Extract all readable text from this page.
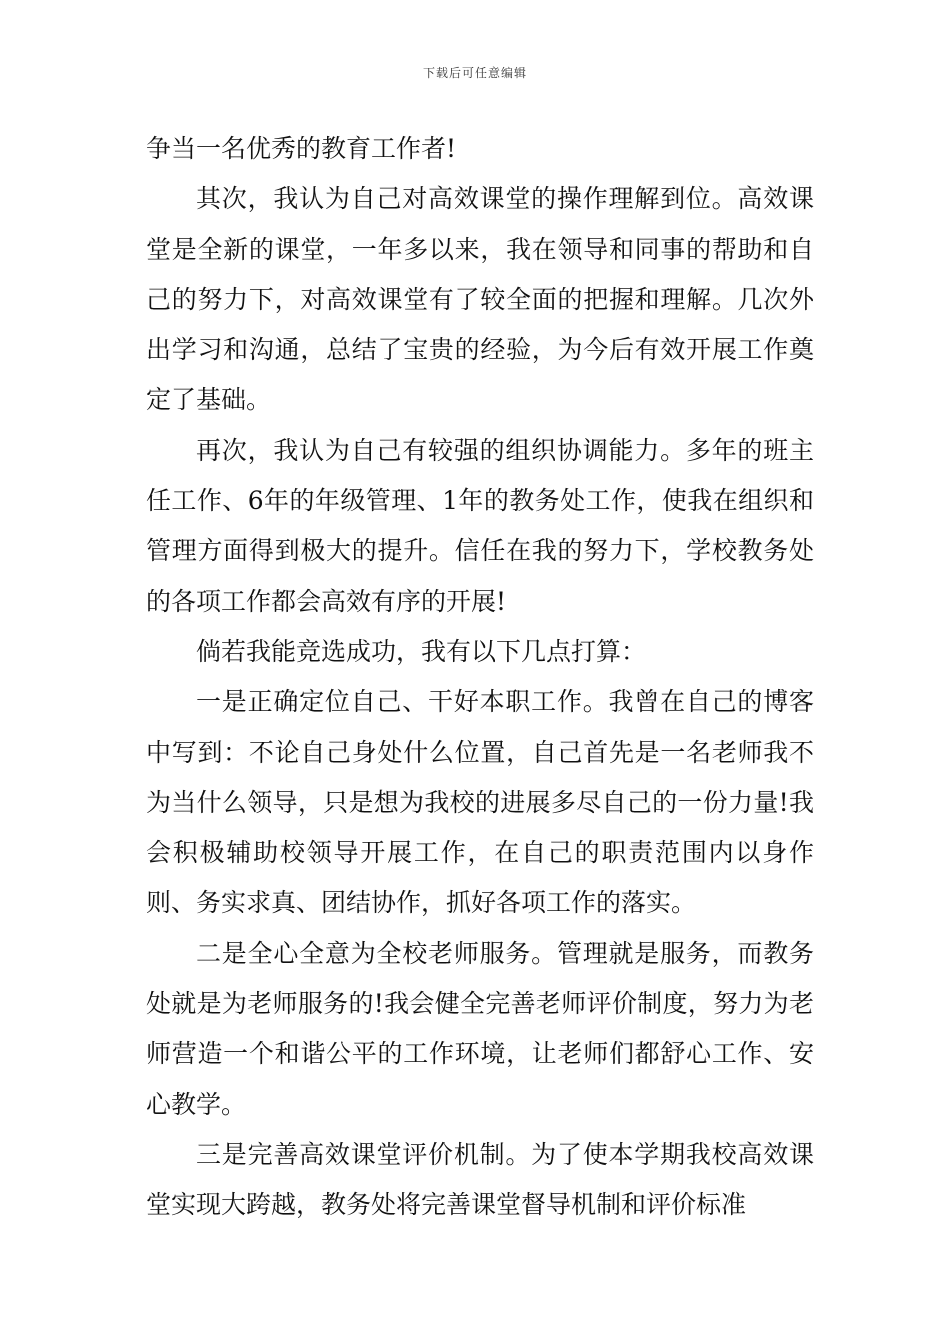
下载后可任意编辑

争当一名优秀的教育工作者!

其次，我认为自己对高效课堂的操作理解到位。高效课堂是全新的课堂，一年多以来，我在领导和同事的帮助和自己的努力下，对高效课堂有了较全面的把握和理解。几次外出学习和沟通，总结了宝贵的经验，为今后有效开展工作奠定了基础。

再次，我认为自己有较强的组织协调能力。多年的班主任工作、6年的年级管理、1年的教务处工作，使我在组织和管理方面得到极大的提升。信任在我的努力下，学校教务处的各项工作都会高效有序的开展!

倘若我能竞选成功，我有以下几点打算：

一是正确定位自己、干好本职工作。我曾在自己的博客中写到：不论自己身处什么位置，自己首先是一名老师我不为当什么领导，只是想为我校的进展多尽自己的一份力量!我会积极辅助校领导开展工作，在自己的职责范围内以身作则、务实求真、团结协作，抓好各项工作的落实。

二是全心全意为全校老师服务。管理就是服务，而教务处就是为老师服务的!我会健全完善老师评价制度，努力为老师营造一个和谐公平的工作环境，让老师们都舒心工作、安心教学。

三是完善高效课堂评价机制。为了使本学期我校高效课堂实现大跨越，教务处将完善课堂督导机制和评价标准
